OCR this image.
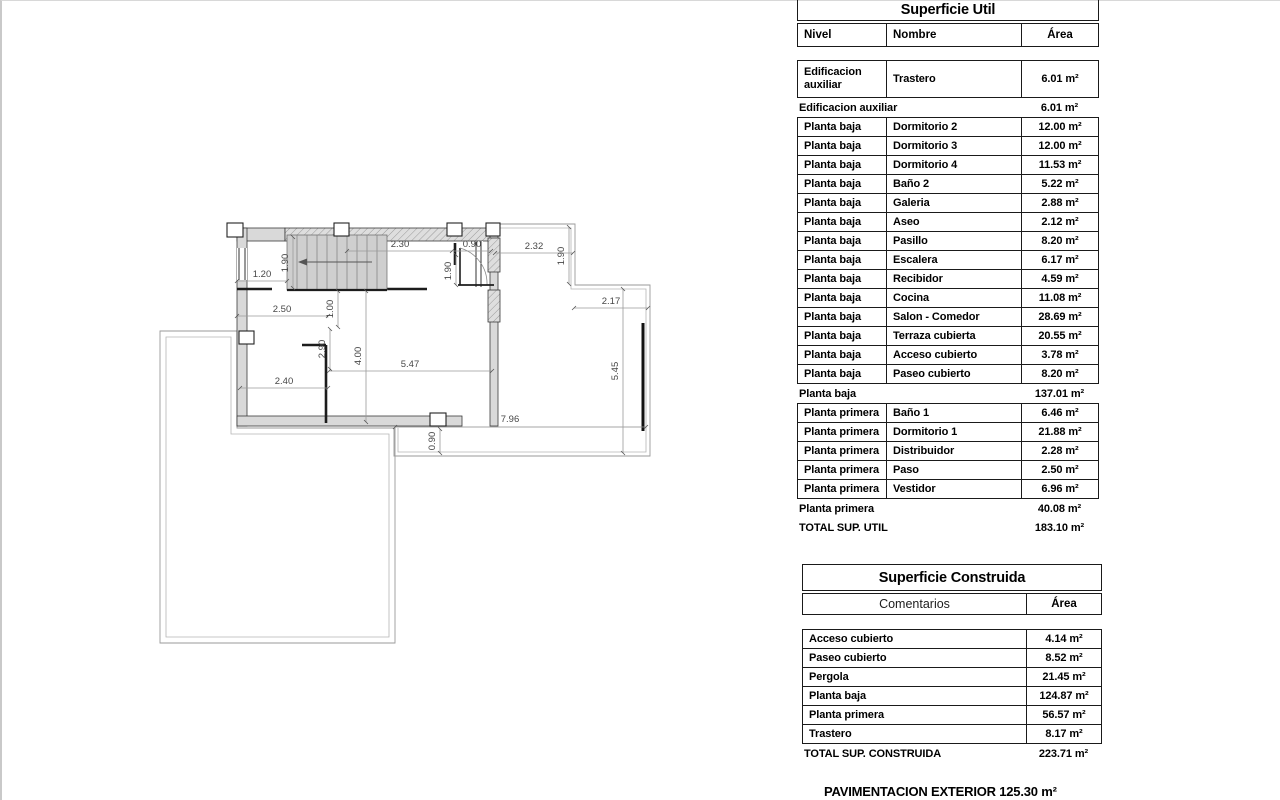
1.20
1.90
2.30	0.90
1.90
2.32
1.90
2.17
5.45
2.50	1.00
4.00	5.47
2.90
2.40
7.96
0.90
Superficie Util
Nivel	Nombre	Área
Edificacion auxiliar	Trastero	6.01 m²
Edificacion auxiliar	6.01 m²
Planta baja	Dormitorio 2	12.00 m²
Planta baja	Dormitorio 3	12.00 m²
Planta baja	Dormitorio 4	11.53 m²
Planta baja	Baño 2	5.22 m²
Planta baja	Galeria	2.88 m²
Planta baja	Aseo	2.12 m²
Planta baja	Pasillo	8.20 m²
Planta baja	Escalera	6.17 m²
Planta baja	Recibidor	4.59 m²
Planta baja	Cocina	11.08 m²
Planta baja	Salon - Comedor	28.69 m²
Planta baja	Terraza cubierta	20.55 m²
Planta baja	Acceso cubierto	3.78 m²
Planta baja	Paseo cubierto	8.20 m²
Planta baja	137.01 m²
Planta primera	Baño 1	6.46 m²
Planta primera	Dormitorio 1	21.88 m²
Planta primera	Distribuidor	2.28 m²
Planta primera	Paso	2.50 m²
Planta primera	Vestidor	6.96 m²
Planta primera	40.08 m²
TOTAL SUP. UTIL	183.10 m²
Superficie Construida
Comentarios	Área
Acceso cubierto	4.14 m²
Paseo cubierto	8.52 m²
Pergola	21.45 m²
Planta baja	124.87 m²
Planta primera	56.57 m²
Trastero	8.17 m²
TOTAL SUP. CONSTRUIDA	223.71 m²
PAVIMENTACION EXTERIOR 125.30 m²
